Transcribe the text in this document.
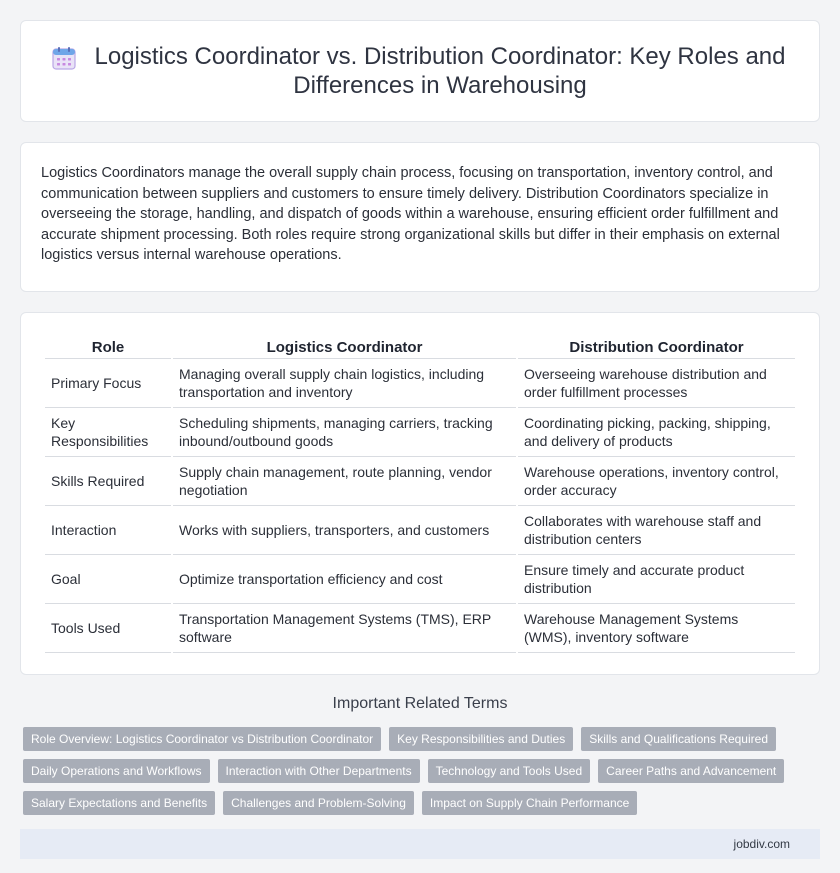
Logistics Coordinator vs. Distribution Coordinator: Key Roles and Differences in Warehousing

Logistics Coordinators manage the overall supply chain process, focusing on transportation, inventory control, and communication between suppliers and customers to ensure timely delivery. Distribution Coordinators specialize in overseeing the storage, handling, and dispatch of goods within a warehouse, ensuring efficient order fulfillment and accurate shipment processing. Both roles require strong organizational skills but differ in their emphasis on external logistics versus internal warehouse operations.

Role	Logistics Coordinator	Distribution Coordinator
Primary Focus	Managing overall supply chain logistics, including transportation and inventory	Overseeing warehouse distribution and order fulfillment processes
Key Responsibilities	Scheduling shipments, managing carriers, tracking inbound/outbound goods	Coordinating picking, packing, shipping, and delivery of products
Skills Required	Supply chain management, route planning, vendor negotiation	Warehouse operations, inventory control, order accuracy
Interaction	Works with suppliers, transporters, and customers	Collaborates with warehouse staff and distribution centers
Goal	Optimize transportation efficiency and cost	Ensure timely and accurate product distribution
Tools Used	Transportation Management Systems (TMS), ERP software	Warehouse Management Systems (WMS), inventory software
Important Related Terms
Role Overview: Logistics Coordinator vs Distribution Coordinator	Key Responsibilities and Duties	Skills and Qualifications Required
Daily Operations and Workflows	Interaction with Other Departments	Technology and Tools Used	Career Paths and Advancement
Salary Expectations and Benefits	Challenges and Problem-Solving	Impact on Supply Chain Performance
jobdiv.com
